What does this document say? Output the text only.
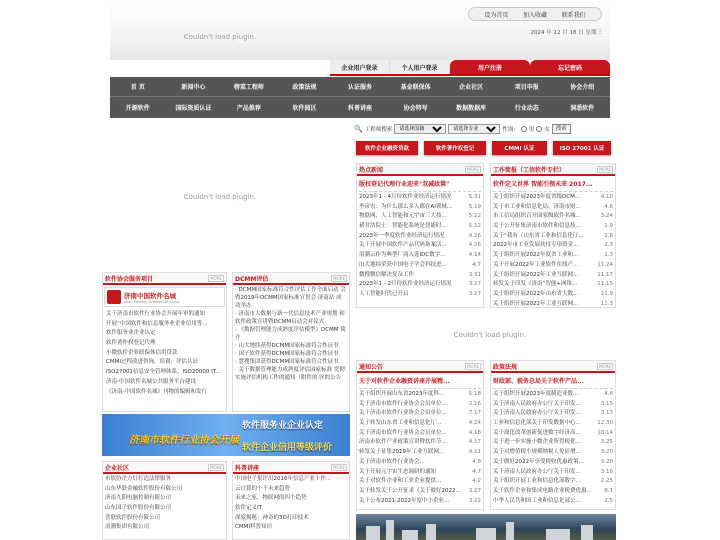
Couldn't load plugin.
设为首页 加入收藏 联系我们
2024 年 12 月 18 日 星期三
企业用户登录	个人用户登录	用户注册	忘记密码
首 页	新闻中心	榜菜工程师	政策法规	认证服务	基金联保体	企业社区	项目申报	协会介绍
开源软件	国际资质认证	产品推荐	软件园区	科普讲座	协会特写	数据数据库	行业动态	洞悉软件
🔍 工程师搜索
请选择国籍
请选择专业	性别： 男 女	搜索
软件企业融资贷款	软件著作权登记	CMMI 认证	ISO 27001 认证
Couldn't load plugin.
Couldn't load plugin.
热点新闻	MORE
版权登记代理行业迎来"双减政策"
2023年1 - 4月份软件业经济运行情况	5.31
李彦宏：为什么那么多人都在AI领域...	5.19
物联网、人工智能和元宇宙三大技...	5.12
褚君浩院士：智能化系统是智能时...	5.12
2023年一季度软件业经济运行情况	4.26
关于开展中国软件产品代码备案活...	4.26
浪潮云作为典型厂商入选IDC数字...	4.14
山大地纬荣获中国电子学会科技进...	4.7
微搜微信解决复杂工作	3.31
2023年1 - 2月份软件业经济运行情况	3.27
人工智能时代已开启	3.27
工作简报（工信软件专栏）	MORE
软件定义世界 智能引领未来 2017...
关于组织开展2023年度省级DCM...	4.10
关于市工业和信息化局、济南市财...	4.6
市工信局组织召开国家级软件名城...	3.24
关于公开征集济南市软件和信息技...	1.9
关于“我有（山东省工业和信息化厅...	2.8
2022年市工业发展扶持专项资金...	2.3
关于组织开展2022年度省工业和...	1.3
关于开展2022年工业软件在线产...	11.24
关于组织开展2022年工业互联网...	11.17
转发关于印发《济南“智能+网络...	11.15
关于组织开展2022年山东省大数...	11.9
关于组织开展2022年工业互联网...	11.3
软件协会服务项目	MORE
济南中国软件名城
Jinan Famous Software of China
关于济南市软件行业协会开展年审的通知
开展“中国软件和信息服务业企业信用等...
软件服务业企业认定
软件著作权登记代理
小微软件企业联保体信用贷款
CMMI过程改进咨询、培训、评估认证
ISO27001信息安全管理体系、ISO20000 IT...
济南-中国软件名城公共服务平台建设
《济南-中国软件名城》刊物的编辑和发行
DCMM评估	MORE
· DCMM国家标准符合性评估工作全面启动 会暨2019年DCMM国家标准宣贯会·济南站 成功举办
· 济南市大数据与新一代信息技术产业规划 和软件政策宣讲暨DCMM启动会对仪式
· 《数据管理能力成熟度评估模型》DCMM 简介
· 山大地纬获得DCMM国家标准符合性证书
· 国子软件获得DCMM国家标准符合性证书
· 慧搜集团获得DCMM国家标准符合性证书
· 关于数据管理能力成熟度评估国家标准 贯彻实施评估机构工作的通知（附件的 区的公告
济南市软件行业协会开展
软件服务业企业认定
软件企业信用等级评价
通知公告	MORE
关于对软件企业融资讲座开展精...
关于组织开展山东省2023年度科...	5.18
关于济南市软件行业协会会员单位...	2.16
关于济南市软件行业协会会员单位...	7.17
关于转发山东省工业和信息化厅...	4.24
关于济南市软件行业协会会员单位...	4.18
济南市软件产业政策宣讲暨软件节...	4.17
转发关于征集2019年工业互联网...	4.11
关于济南市软件行业协会...	4.8
关于开展元宇宙生态调研的通知	4.7
关于对软件企业和工业企业提供...	4.2
关于转发关于公开征求《关于做好2022...	3.27
关于公布2021-2022年度中小企业...	3.22
政策法规	MORE
财政部、税务总局关于软件产品...
关于组织开展2023年度制造业数...	4.6
关于济南人民政府办公厅关于印发...	3.15
关于济南人民政府办公厅关于印发...	3.13
工业和信息化部关于印发数据中心...	12.30
关于深化改革创新促进数字经济高...	10.14
关于进一步实施小微企业所得税优...	3.25
关于对增值税小规模纳税人免征增...	3.20
关于做好2022年享受税收优惠政策...	3.20
关于济南人民政府办公厅关于印发...	3.16
关于组织开展工业和信息化部数字...	2.25
关于软件企业和集成电路企业税费优惠...	8.1
中华人民共和国工业和信息化部公...	2.5
企业社区	MORE
市软协企方灯打造法律服务
山东华联金融软件股份有限公司
济南九阳电脑控制有限公司
山东国子软件股份有限公司
普联软件股份有限公司
浪潮集团有限公司
科普讲座	MORE
中国电子报评出2016年信息产业十件...
云计算的个不未来趋势
未来之家，物联网的四个趋势
软件定义IT
深度揭秘：神奇的3D打印技术
CMMI科普知识
